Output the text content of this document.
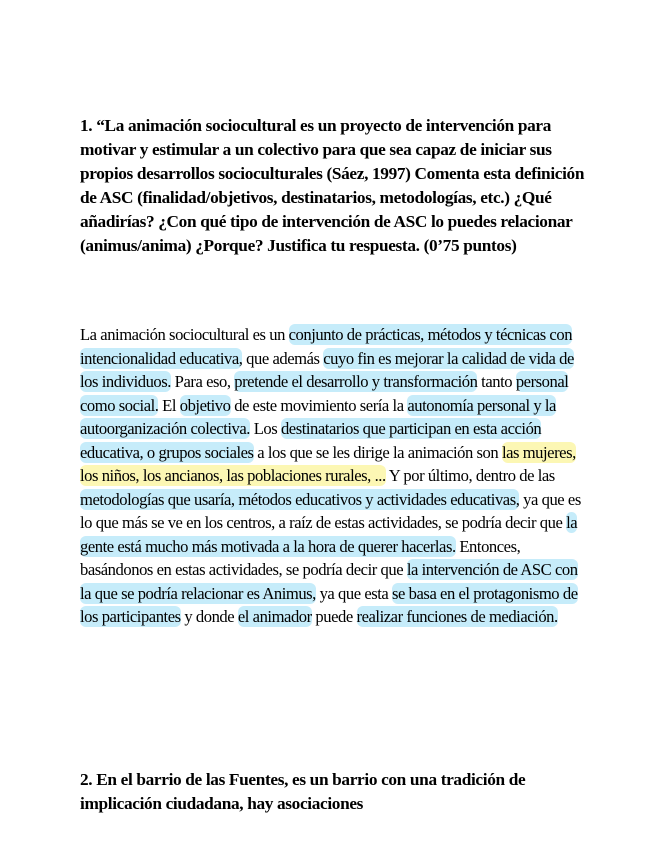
1. “La animación sociocultural es un proyecto de intervención para motivar y estimular a un colectivo para que sea capaz de iniciar sus propios desarrollos socioculturales (Sáez, 1997) Comenta esta definición de ASC (finalidad/objetivos, destinatarios, metodologías, etc.) ¿Qué añadirías? ¿Con qué tipo de intervención de ASC lo puedes relacionar (animus/anima) ¿Porque? Justifica tu respuesta. (0’75 puntos)
La animación sociocultural es un conjunto de prácticas, métodos y técnicas con intencionalidad educativa, que además cuyo fin es mejorar la calidad de vida de los individuos. Para eso, pretende el desarrollo y transformación tanto personal como social. El objetivo de este movimiento sería la autonomía personal y la autoorganización colectiva. Los destinatarios que participan en esta acción educativa, o grupos sociales a los que se les dirige la animación son las mujeres, los niños, los ancianos, las poblaciones rurales, ... Y por último, dentro de las metodologías que usaría, métodos educativos y actividades educativas, ya que es lo que más se ve en los centros, a raíz de estas actividades, se podría decir que la gente está mucho más motivada a la hora de querer hacerlas. Entonces, basándonos en estas actividades, se podría decir que la intervención de ASC con la que se podría relacionar es Animus, ya que esta se basa en el protagonismo de los participantes y donde el animador puede realizar funciones de mediación.
2. En el barrio de las Fuentes, es un barrio con una tradición de implicación ciudadana, hay asociaciones
